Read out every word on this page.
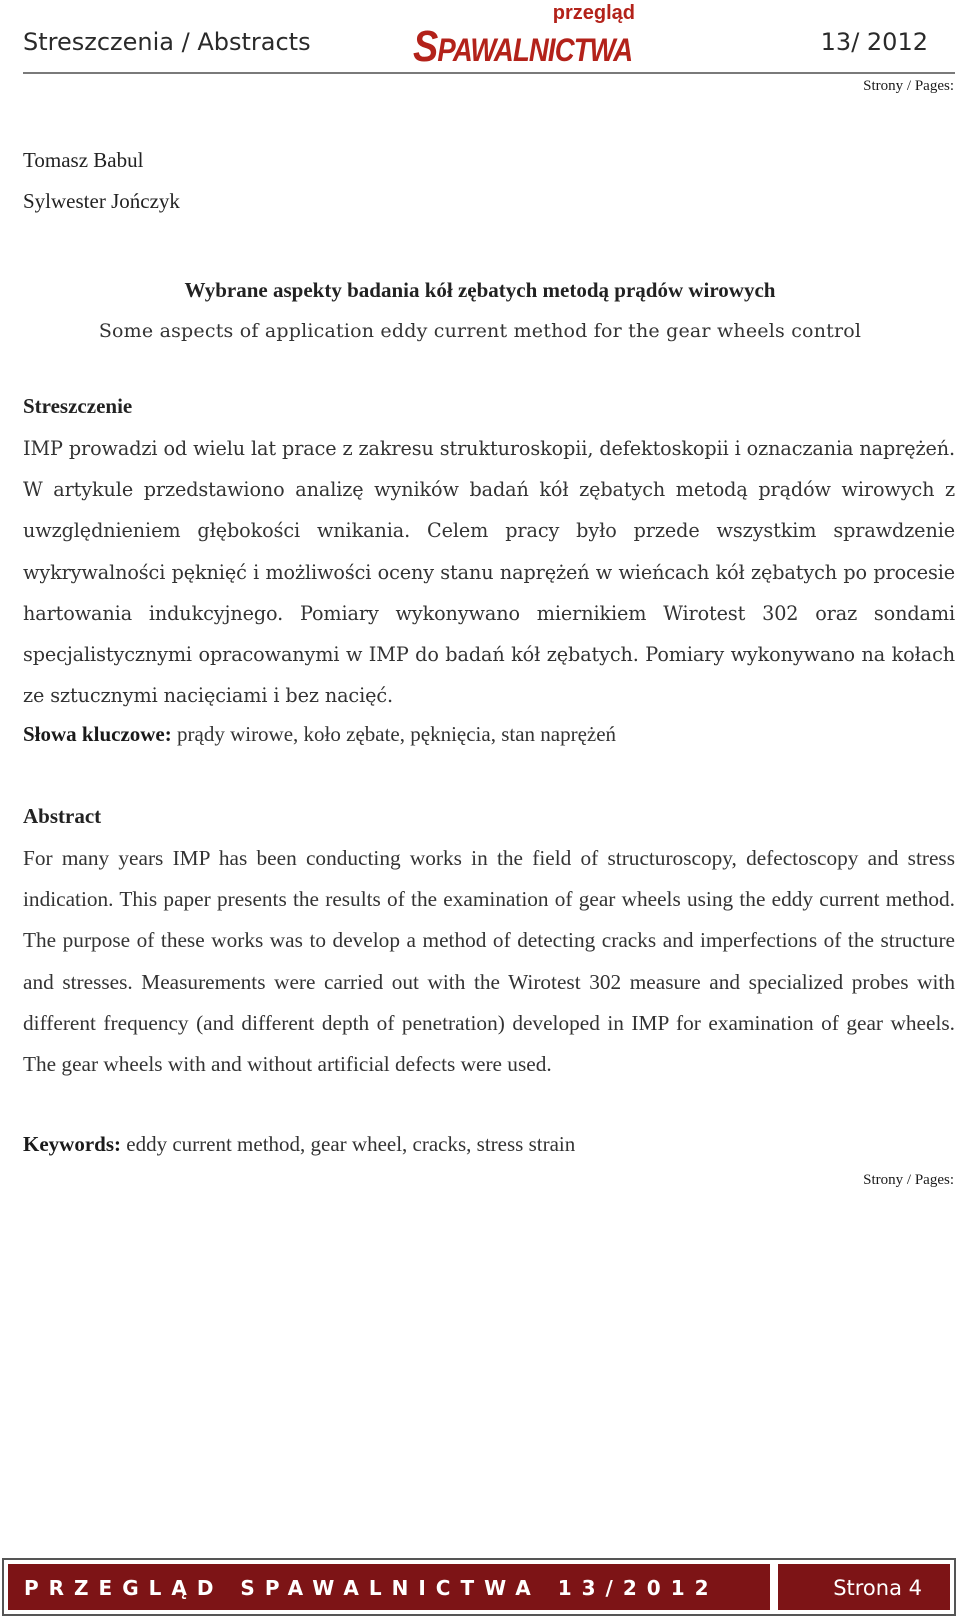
Streszczenia / Abstracts
przegląd
SPAWALNICTWA	13/ 2012
Strony / Pages:
Tomasz Babul
Sylwester Jończyk
Wybrane aspekty badania kół zębatych metodą prądów wirowych
Some aspects of application eddy current method for the gear wheels control
Streszczenie
IMP prowadzi od wielu lat prace z zakresu strukturoskopii, defektoskopii i oznaczania naprężeń. W artykule przedstawiono analizę wyników badań kół zębatych metodą prądów wirowych z uwzględnieniem głębokości wnikania. Celem pracy było przede wszystkim sprawdzenie wykrywalności pęknięć i możliwości oceny stanu naprężeń w wieńcach kół zębatych po procesie hartowania indukcyjnego. Pomiary wykonywano miernikiem Wirotest 302 oraz sondami specjalistycznymi opracowanymi w IMP do badań kół zębatych. Pomiary wykonywano na kołach ze sztucznymi nacięciami i bez nacięć.
Słowa kluczowe: prądy wirowe, koło zębate, pęknięcia, stan naprężeń
Abstract
For many years IMP has been conducting works in the field of structuroscopy, defectoscopy and stress indication. This paper presents the results of the examination of gear wheels using the eddy current method. The purpose of these works was to develop a method of detecting cracks and imperfections of the structure and stresses. Measurements were carried out with the Wirotest 302 measure and specialized probes with different frequency (and different depth of penetration) developed in IMP for examination of gear wheels. The gear wheels with and without artificial defects were used.
Keywords: eddy current method, gear wheel, cracks, stress strain
Strony / Pages:
PRZEGLĄD SPAWALNICTWA 13/2012	Strona 4
